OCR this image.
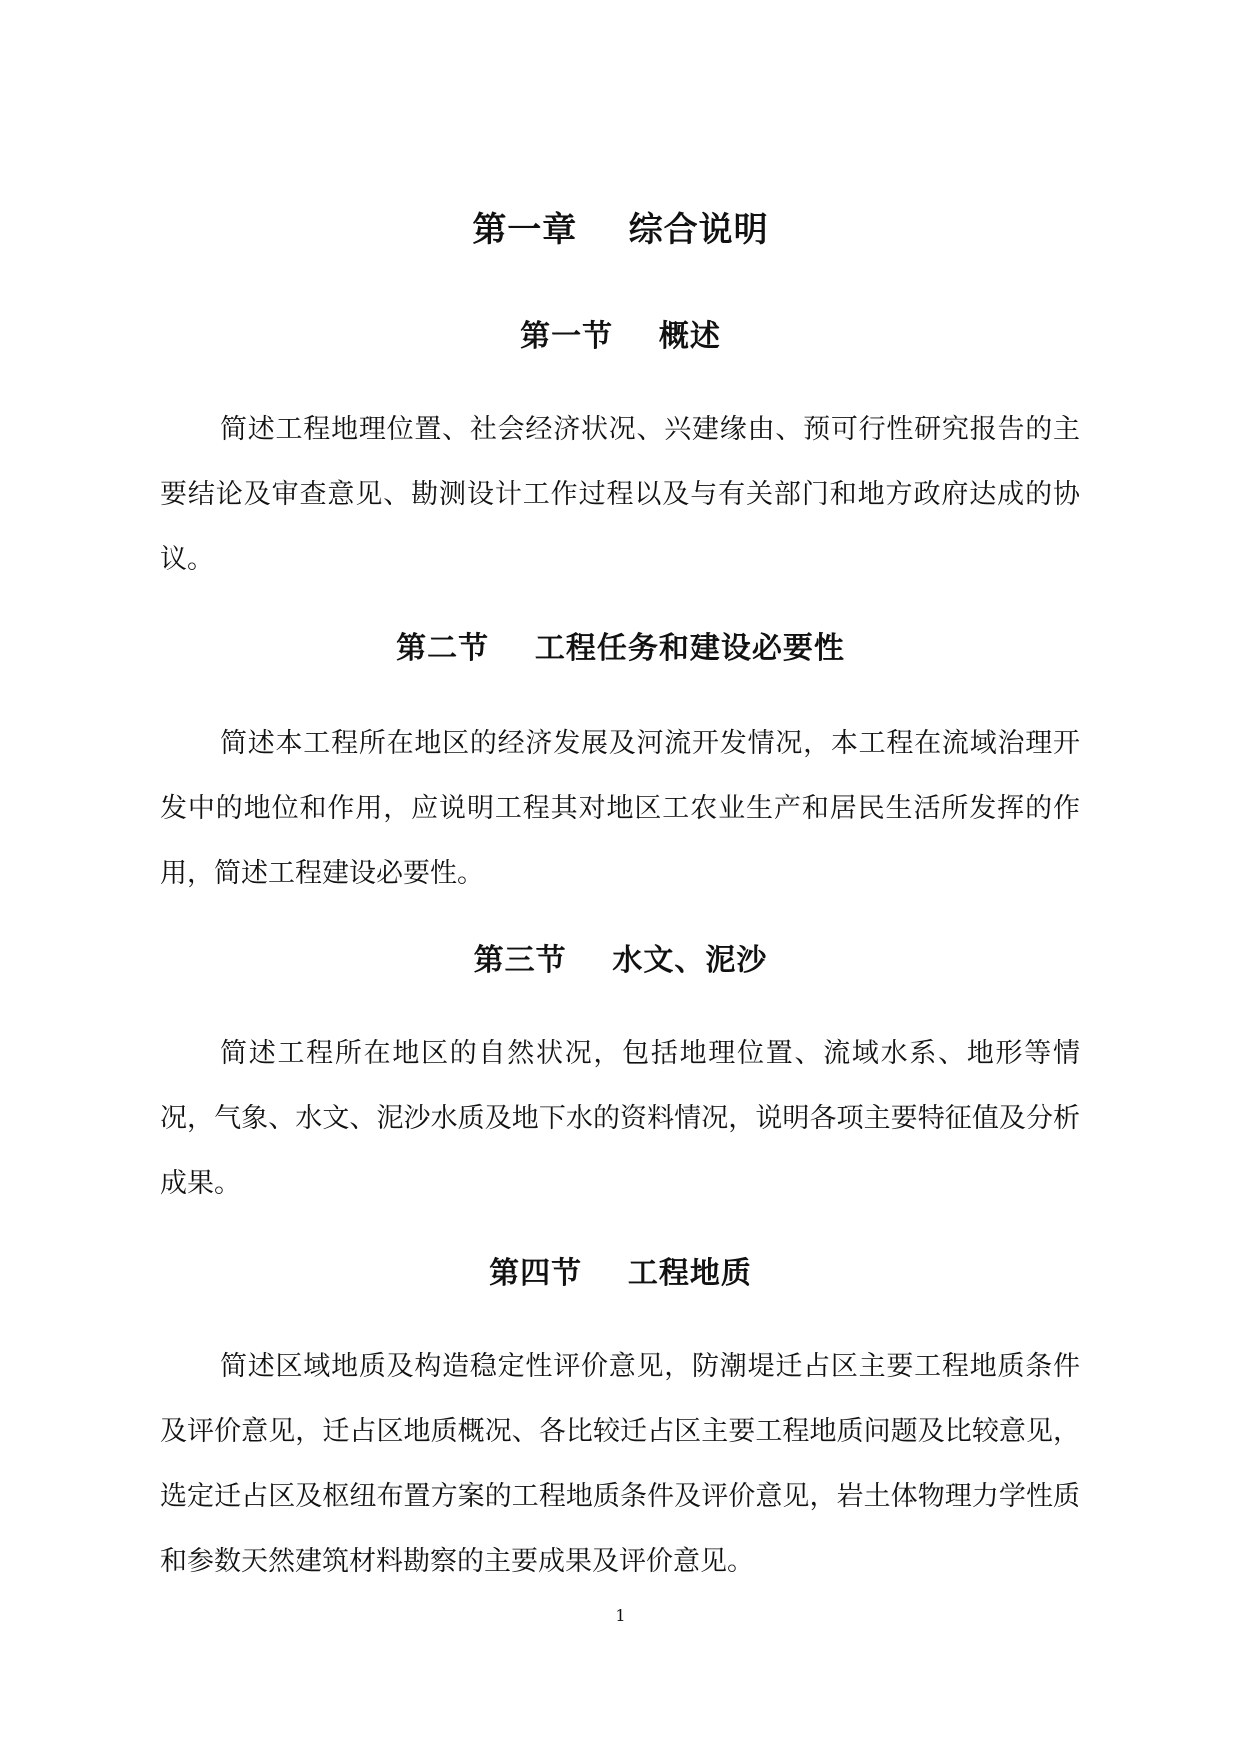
第一章    综合说明
第一节    概述

简述工程地理位置、社会经济状况、兴建缘由、预可行性研究报告的主要结论及审查意见、勘测设计工作过程以及与有关部门和地方政府达成的协议。

第二节    工程任务和建设必要性

简述本工程所在地区的经济发展及河流开发情况，本工程在流域治理开发中的地位和作用，应说明工程其对地区工农业生产和居民生活所发挥的作用，简述工程建设必要性。

第三节    水文、泥沙

简述工程所在地区的自然状况，包括地理位置、流域水系、地形等情况，气象、水文、泥沙水质及地下水的资料情况，说明各项主要特征值及分析成果。

第四节    工程地质

简述区域地质及构造稳定性评价意见，防潮堤迁占区主要工程地质条件及评价意见，迁占区地质概况、各比较迁占区主要工程地质问题及比较意见，选定迁占区及枢纽布置方案的工程地质条件及评价意见，岩土体物理力学性质和参数天然建筑材料勘察的主要成果及评价意见。

1
